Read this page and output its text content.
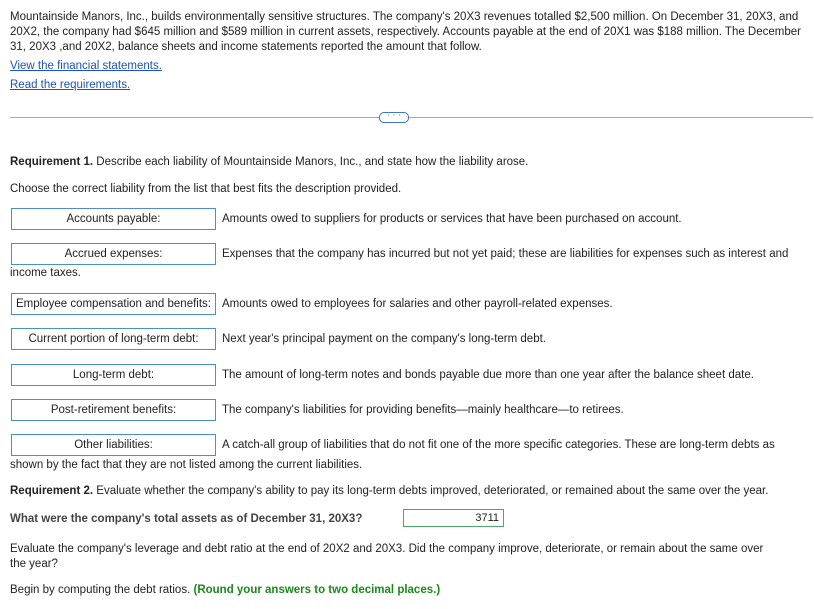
Mountainside Manors, Inc., builds environmentally sensitive structures. The company's 20X3 revenues totalled $2,500 million. On December 31, 20X3, and 20X2, the company had $645 million and $589 million in current assets, respectively. Accounts payable at the end of 20X1 was $188 million. The December 31, 20X3 ,and 20X2, balance sheets and income statements reported the amount that follow.

View the financial statements.
Read the requirements.
· · ·
Requirement 1. Describe each liability of Mountainside Manors, Inc., and state how the liability arose.
Choose the correct liability from the list that best fits the description provided.
Accounts payable:	Amounts owed to suppliers for products or services that have been purchased on account.
Accrued expenses:	Expenses that the company has incurred but not yet paid; these are liabilities for expenses such as interest and
income taxes.
Employee compensation and benefits: Amounts owed to employees for salaries and other payroll-related expenses.
Current portion of long-term debt:	Next year's principal payment on the company's long-term debt.
Long-term debt:	The amount of long-term notes and bonds payable due more than one year after the balance sheet date.
Post-retirement benefits:	The company's liabilities for providing benefits—mainly healthcare—to retirees.
Other liabilities:	A catch-all group of liabilities that do not fit one of the more specific categories. These are long-term debts as
shown by the fact that they are not listed among the current liabilities.
Requirement 2. Evaluate whether the company's ability to pay its long-term debts improved, deteriorated, or remained about the same over the year.
What were the company's total assets as of December 31, 20X3?	3711
Evaluate the company's leverage and debt ratio at the end of 20X2 and 20X3. Did the company improve, deteriorate, or remain about the same over
the year?
Begin by computing the debt ratios. (Round your answers to two decimal places.)
